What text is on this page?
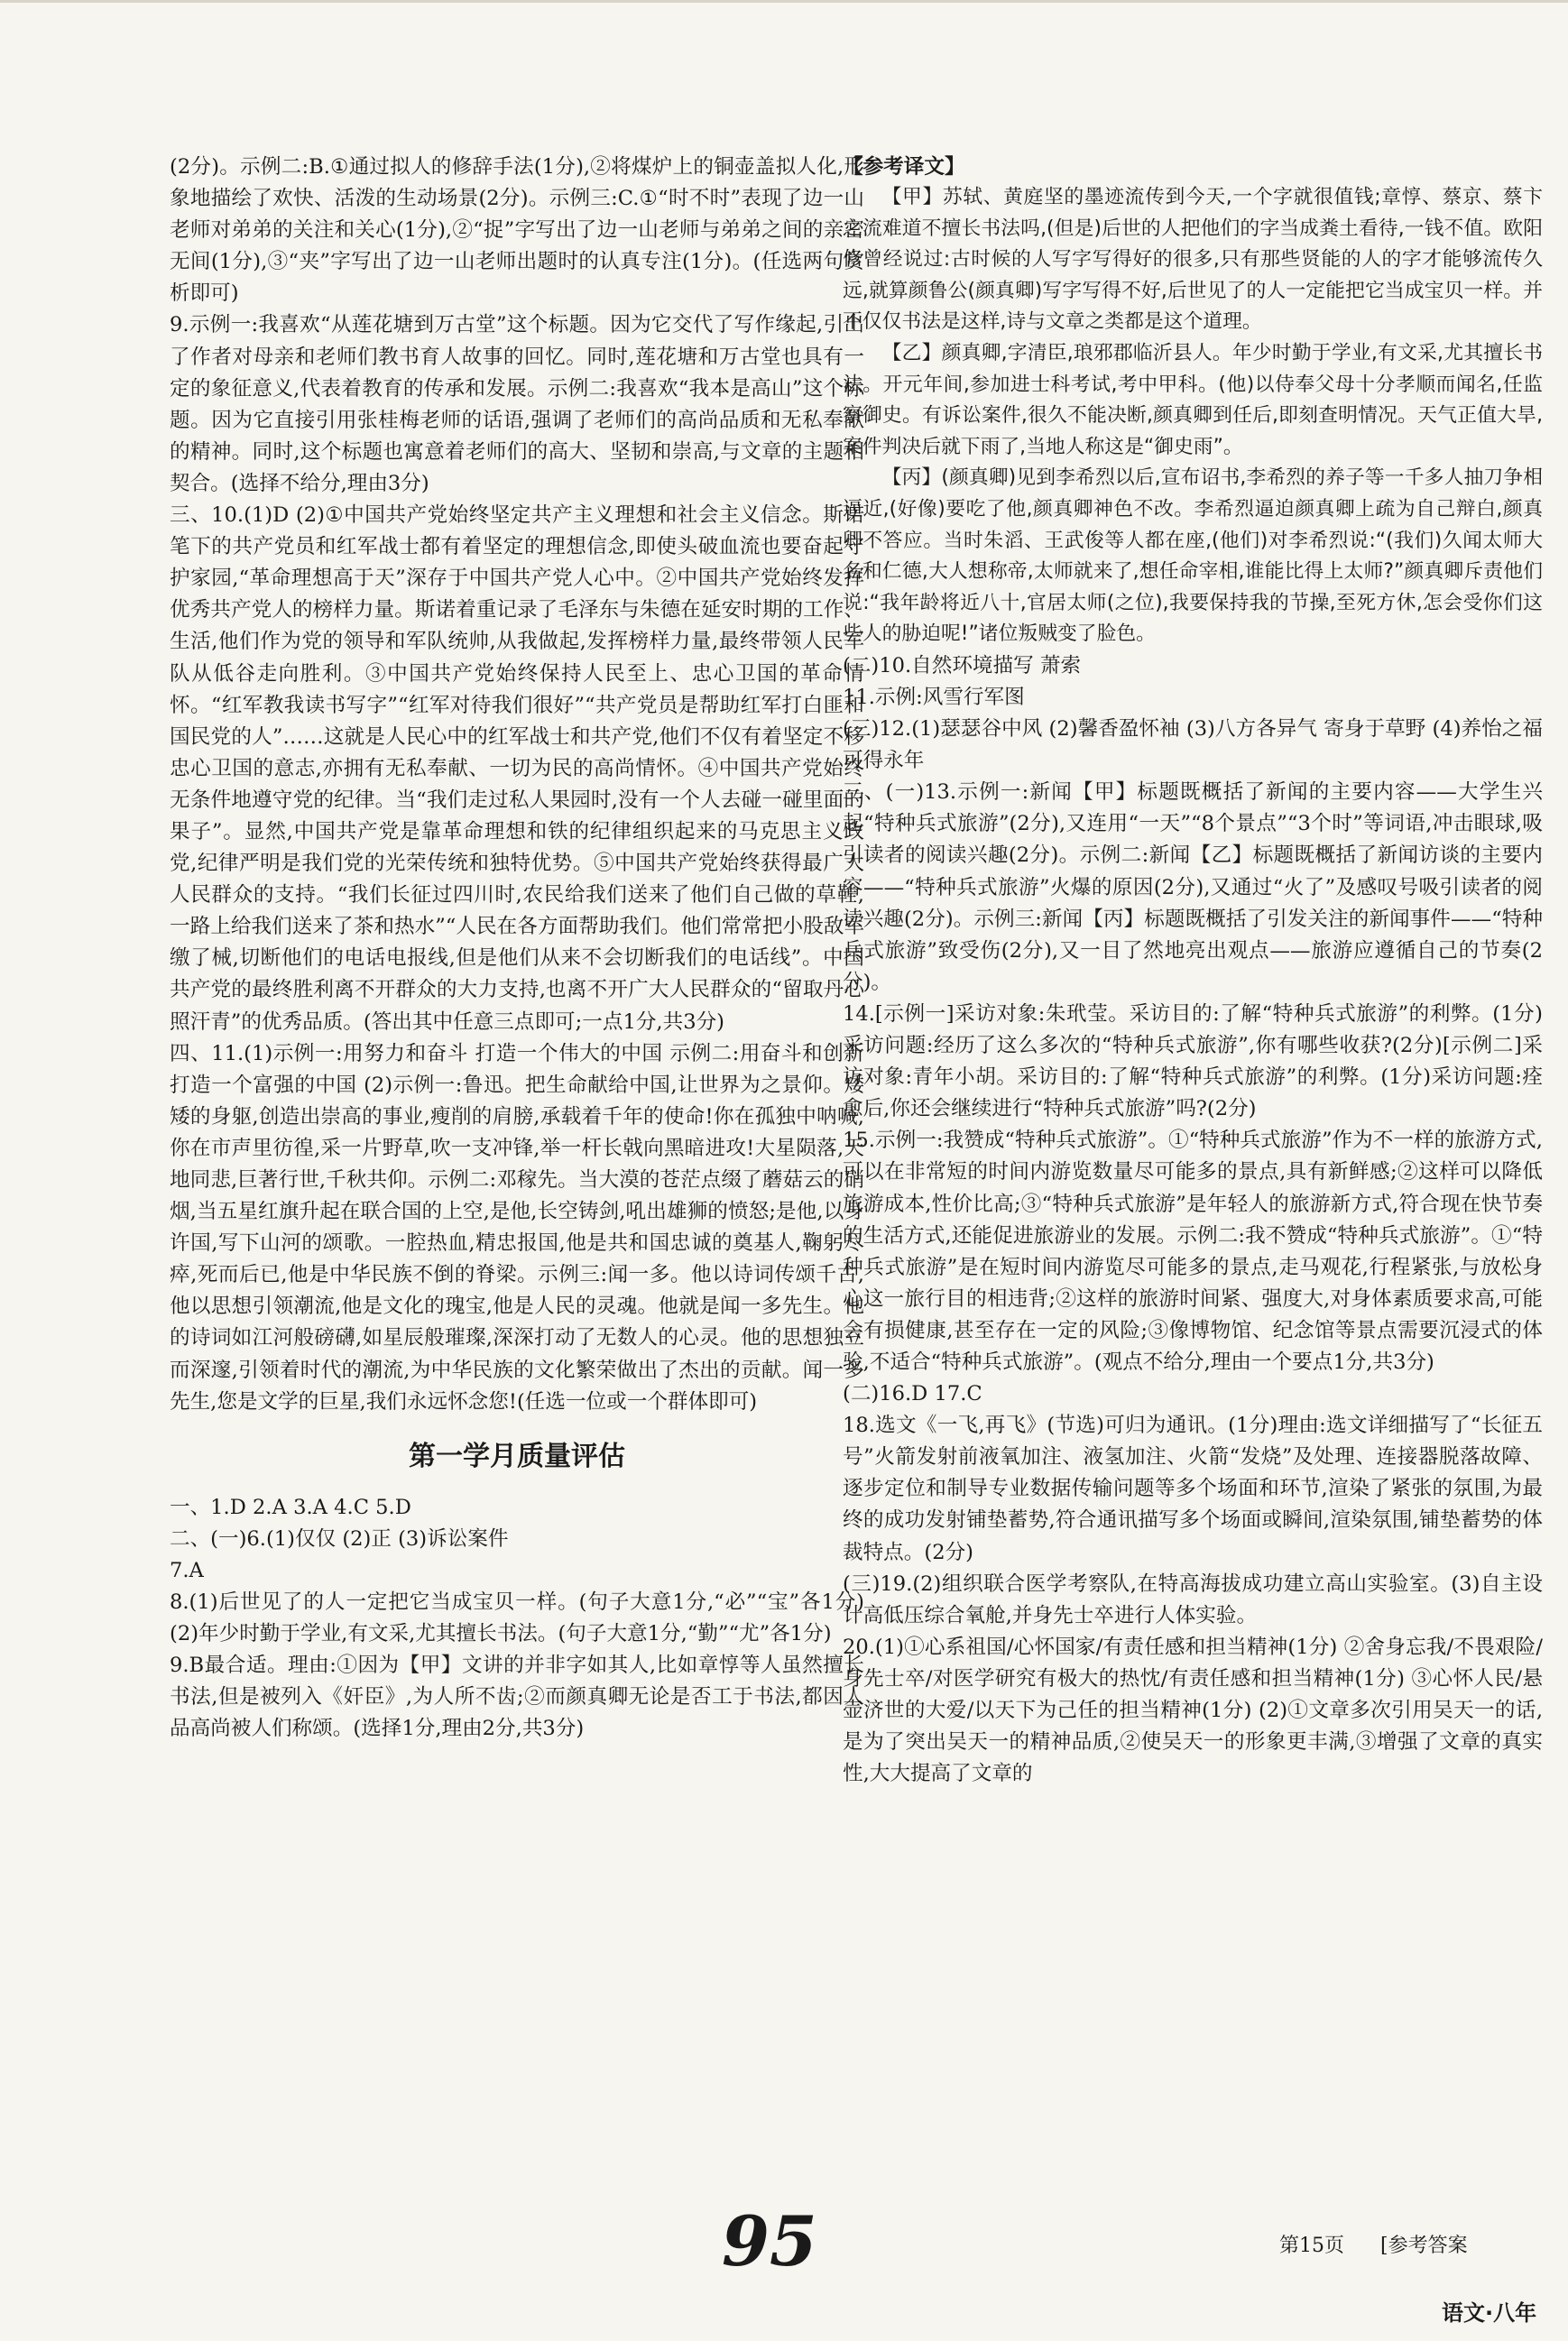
(2分)。示例二:B.①通过拟人的修辞手法(1分),②将煤炉上的铜壶盖拟人化,形象地描绘了欢快、活泼的生动场景(2分)。示例三:C.①“时不时”表现了边一山老师对弟弟的关注和关心(1分),②“捉”字写出了边一山老师与弟弟之间的亲密无间(1分),③“夹”字写出了边一山老师出题时的认真专注(1分)。(任选两句赏析即可)

9.示例一:我喜欢“从莲花塘到万古堂”这个标题。因为它交代了写作缘起,引出了作者对母亲和老师们教书育人故事的回忆。同时,莲花塘和万古堂也具有一定的象征意义,代表着教育的传承和发展。示例二:我喜欢“我本是高山”这个标题。因为它直接引用张桂梅老师的话语,强调了老师们的高尚品质和无私奉献的精神。同时,这个标题也寓意着老师们的高大、坚韧和崇高,与文章的主题相契合。(选择不给分,理由3分)

三、10.(1)D (2)①中国共产党始终坚定共产主义理想和社会主义信念。斯诺笔下的共产党员和红军战士都有着坚定的理想信念,即使头破血流也要奋起守护家园,“革命理想高于天”深存于中国共产党人心中。②中国共产党始终发挥优秀共产党人的榜样力量。斯诺着重记录了毛泽东与朱德在延安时期的工作、生活,他们作为党的领导和军队统帅,从我做起,发挥榜样力量,最终带领人民军队从低谷走向胜利。③中国共产党始终保持人民至上、忠心卫国的革命情怀。“红军教我读书写字”“红军对待我们很好”“共产党员是帮助红军打白匪和国民党的人”……这就是人民心中的红军战士和共产党,他们不仅有着坚定不移忠心卫国的意志,亦拥有无私奉献、一切为民的高尚情怀。④中国共产党始终无条件地遵守党的纪律。当“我们走过私人果园时,没有一个人去碰一碰里面的果子”。显然,中国共产党是靠革命理想和铁的纪律组织起来的马克思主义政党,纪律严明是我们党的光荣传统和独特优势。⑤中国共产党始终获得最广大人民群众的支持。“我们长征过四川时,农民给我们送来了他们自己做的草鞋,一路上给我们送来了茶和热水”“人民在各方面帮助我们。他们常常把小股敌军缴了械,切断他们的电话电报线,但是他们从来不会切断我们的电话线”。中国共产党的最终胜利离不开群众的大力支持,也离不开广大人民群众的“留取丹心照汗青”的优秀品质。(答出其中任意三点即可;一点1分,共3分)

四、11.(1)示例一:用努力和奋斗 打造一个伟大的中国 示例二:用奋斗和创新 打造一个富强的中国 (2)示例一:鲁迅。把生命献给中国,让世界为之景仰。矮矮的身躯,创造出崇高的事业,瘦削的肩膀,承载着千年的使命!你在孤独中呐喊,你在市声里彷徨,采一片野草,吹一支冲锋,举一杆长戟向黑暗进攻!大星陨落,天地同悲,巨著行世,千秋共仰。示例二:邓稼先。当大漠的苍茫点缀了蘑菇云的硝烟,当五星红旗升起在联合国的上空,是他,长空铸剑,吼出雄狮的愤怒;是他,以身许国,写下山河的颂歌。一腔热血,精忠报国,他是共和国忠诚的奠基人,鞠躬尽瘁,死而后已,他是中华民族不倒的脊梁。示例三:闻一多。他以诗词传颂千古,他以思想引领潮流,他是文化的瑰宝,他是人民的灵魂。他就是闻一多先生。他的诗词如江河般磅礴,如星辰般璀璨,深深打动了无数人的心灵。他的思想独立而深邃,引领着时代的潮流,为中华民族的文化繁荣做出了杰出的贡献。闻一多先生,您是文学的巨星,我们永远怀念您!(任选一位或一个群体即可)

第一学月质量评估

一、1.D 2.A 3.A 4.C 5.D

二、(一)6.(1)仅仅 (2)正 (3)诉讼案件

7.A

8.(1)后世见了的人一定把它当成宝贝一样。(句子大意1分,“必”“宝”各1分)(2)年少时勤于学业,有文采,尤其擅长书法。(句子大意1分,“勤”“尤”各1分)

9.B最合适。理由:①因为【甲】文讲的并非字如其人,比如章惇等人虽然擅长书法,但是被列入《奸臣》,为人所不齿;②而颜真卿无论是否工于书法,都因人品高尚被人们称颂。(选择1分,理由2分,共3分)

【参考译文】

【甲】苏轼、黄庭坚的墨迹流传到今天,一个字就很值钱;章惇、蔡京、蔡卞之流难道不擅长书法吗,(但是)后世的人把他们的字当成粪土看待,一钱不值。欧阳修曾经说过:古时候的人写字写得好的很多,只有那些贤能的人的字才能够流传久远,就算颜鲁公(颜真卿)写字写得不好,后世见了的人一定能把它当成宝贝一样。并不仅仅书法是这样,诗与文章之类都是这个道理。

【乙】颜真卿,字清臣,琅邪郡临沂县人。年少时勤于学业,有文采,尤其擅长书法。开元年间,参加进士科考试,考中甲科。(他)以侍奉父母十分孝顺而闻名,任监察御史。有诉讼案件,很久不能决断,颜真卿到任后,即刻查明情况。天气正值大旱,案件判决后就下雨了,当地人称这是“御史雨”。

【丙】(颜真卿)见到李希烈以后,宣布诏书,李希烈的养子等一千多人抽刀争相逼近,(好像)要吃了他,颜真卿神色不改。李希烈逼迫颜真卿上疏为自己辩白,颜真卿不答应。当时朱滔、王武俊等人都在座,(他们)对李希烈说:“(我们)久闻太师大名和仁德,大人想称帝,太师就来了,想任命宰相,谁能比得上太师?”颜真卿斥责他们说:“我年龄将近八十,官居太师(之位),我要保持我的节操,至死方休,怎会受你们这些人的胁迫呢!”诸位叛贼变了脸色。

(二)10.自然环境描写 萧索

11.示例:风雪行军图

(三)12.(1)瑟瑟谷中风 (2)馨香盈怀袖 (3)八方各异气 寄身于草野 (4)养怡之福 可得永年

三、(一)13.示例一:新闻【甲】标题既概括了新闻的主要内容——大学生兴起“特种兵式旅游”(2分),又连用“一天”“8个景点”“3个时”等词语,冲击眼球,吸引读者的阅读兴趣(2分)。示例二:新闻【乙】标题既概括了新闻访谈的主要内容——“特种兵式旅游”火爆的原因(2分),又通过“火了”及感叹号吸引读者的阅读兴趣(2分)。示例三:新闻【丙】标题既概括了引发关注的新闻事件——“特种兵式旅游”致受伤(2分),又一目了然地亮出观点——旅游应遵循自己的节奏(2分)。

14.[示例一]采访对象:朱玳莹。采访目的:了解“特种兵式旅游”的利弊。(1分)采访问题:经历了这么多次的“特种兵式旅游”,你有哪些收获?(2分)[示例二]采访对象:青年小胡。采访目的:了解“特种兵式旅游”的利弊。(1分)采访问题:痊愈后,你还会继续进行“特种兵式旅游”吗?(2分)

15.示例一:我赞成“特种兵式旅游”。①“特种兵式旅游”作为不一样的旅游方式,可以在非常短的时间内游览数量尽可能多的景点,具有新鲜感;②这样可以降低旅游成本,性价比高;③“特种兵式旅游”是年轻人的旅游新方式,符合现在快节奏的生活方式,还能促进旅游业的发展。示例二:我不赞成“特种兵式旅游”。①“特种兵式旅游”是在短时间内游览尽可能多的景点,走马观花,行程紧张,与放松身心这一旅行目的相违背;②这样的旅游时间紧、强度大,对身体素质要求高,可能会有损健康,甚至存在一定的风险;③像博物馆、纪念馆等景点需要沉浸式的体验,不适合“特种兵式旅游”。(观点不给分,理由一个要点1分,共3分)

(二)16.D 17.C

18.选文《一飞,再飞》(节选)可归为通讯。(1分)理由:选文详细描写了“长征五号”火箭发射前液氧加注、液氢加注、火箭“发烧”及处理、连接器脱落故障、逐步定位和制导专业数据传输问题等多个场面和环节,渲染了紧张的氛围,为最终的成功发射铺垫蓄势,符合通讯描写多个场面或瞬间,渲染氛围,铺垫蓄势的体裁特点。(2分)

(三)19.(2)组织联合医学考察队,在特高海拔成功建立高山实验室。(3)自主设计高低压综合氧舱,并身先士卒进行人体实验。

20.(1)①心系祖国/心怀国家/有责任感和担当精神(1分) ②舍身忘我/不畏艰险/身先士卒/对医学研究有极大的热忱/有责任感和担当精神(1分) ③心怀人民/悬壶济世的大爱/以天下为己任的担当精神(1分) (2)①文章多次引用吴天一的话,是为了突出吴天一的精神品质,②使吴天一的形象更丰满,③增强了文章的真实性,大大提高了文章的

95	第15页 [参考答案
语文·八年
